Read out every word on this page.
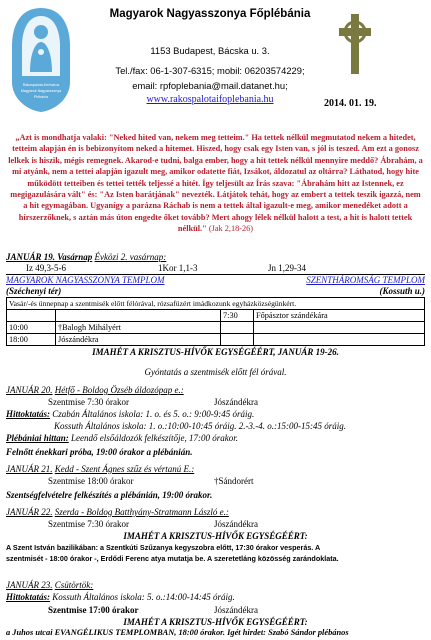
Rákospalota-Kertváros
Magyarok Nagyasszonya
Plébánia
Magyarok Nagyasszonya Főplébánia
1153 Budapest, Bácska u. 3.
Tel./fax: 06-1-307-6315; mobil: 06203574229;
email: rpfoplebania@mail.datanet.hu;
www.rakospalotaifoplebania.hu	2014. 01. 19.
„Azt is mondhatja valaki: "Neked hited van, nekem meg tetteim." Ha tettek nélkül megmutatod nekem a hitedet, tetteim alapján én is bebizonyítom neked a hitemet. Hiszed, hogy csak egy Isten van, s jól is teszed. Am ezt a gonosz lelkek is hiszik, mégis remegnek. Akarod-e tudni, balga ember, hogy a hit tettek nélkül mennyire meddő? Ábrahám, a mi atyánk, nem a tettei alapján igazult meg, amikor odatette fiát, Izsákot, áldozatul az oltárra? Láthatod, hogy hite működött tetteiben és tettei tették teljessé a hitét. Így teljesült az Írás szava: "Ábrahám hitt az Istennek, ez megigazulására vált" és: "Az Isten barátjának" nevezték. Látjátok tehát, hogy az embert a tettek teszik igazzá, nem a hit egymagában. Ugyanígy a parázna Ráchab is nem a tettek által igazult-e meg, amikor menedéket adott a hírszerzőknek, s aztán más úton engedte őket tovább? Mert ahogy lélek nélkül halott a test, a hit is halott tettek nélkül." (Jak 2,18-26)
JANUÁR 19. Vasárnap Évközi 2. vasárnap:
Iz 49,3-5-6	1Kor 1,1-3	Jn 1,29-34
MAGYAROK NAGYASSZONYA TEMPLOM	SZENTHÁROMSÁG TEMPLOM
(Széchenyi tér)	(Kossuth u.)
Vasár/-és ünnepnap a szentmisék előtt félórával, rózsafüzért imádkozunk egyházközségünkért.			
		7:30	Főpásztor szándékára
10:00	†Balogh Mihályért		
18:00	Jószándékra		
IMAHÉT A KRISZTUS-HÍVŐK EGYSÉGÉÉRT, JANUÁR 19-26.
Gyóntatás a szentmisék előtt fél órával.
JANUÁR 20. Hétfő - Boldog Özséb áldozópap e.:
Szentmise 7:30 órakor	Jószándékra
Hittoktatás: Czabán Általános iskola: 1. o. és 5. o.: 9:00-9:45 óráig.
Kossuth Általános iskola: 1. o.:10:00-10:45 óráig. 2.-3.-4. o.:15:00-15:45 óráig.
Plébániai hittan: Leendő elsőáldozók felkészítője, 17:00 órakor.
Felnőtt énekkari próba, 19:00 órakor a plébánián.
JANUÁR 21. Kedd - Szent Ágnes szűz és vértanú E.:
Szentmise 18:00 órakor	†Sándorért
Szentségfelvételre felkészítés a plébánián, 19:00 órakor.
JANUÁR 22. Szerda - Boldog Batthyány-Stratmann László e.:
Szentmise 7:30 órakor	Jószándékra
IMAHÉT A KRISZTUS-HÍVŐK EGYSÉGÉÉRT:
A Szent István bazilikában: a Szentkúti Szűzanya kegyszobra előtt, 17:30 órakor vesperás. A
szentmisét - 18:00 órakor -, Erdődi Ferenc atya mutatja be. A szeretetláng közösség zarándoklata.
JANUÁR 23. Csütörtök:
Hittoktatás: Kossuth Általános iskola: 5. o.:14:00-14:45 óráig.
Szentmise 17:00 órakor	Jószándékra
IMAHÉT A KRISZTUS-HÍVŐK EGYSÉGÉÉRT:
a Juhos utcai EVANGÉLIKUS TEMPLOMBAN, 18:00 órakor. Igét hirdet: Szabó Sándor plébános
